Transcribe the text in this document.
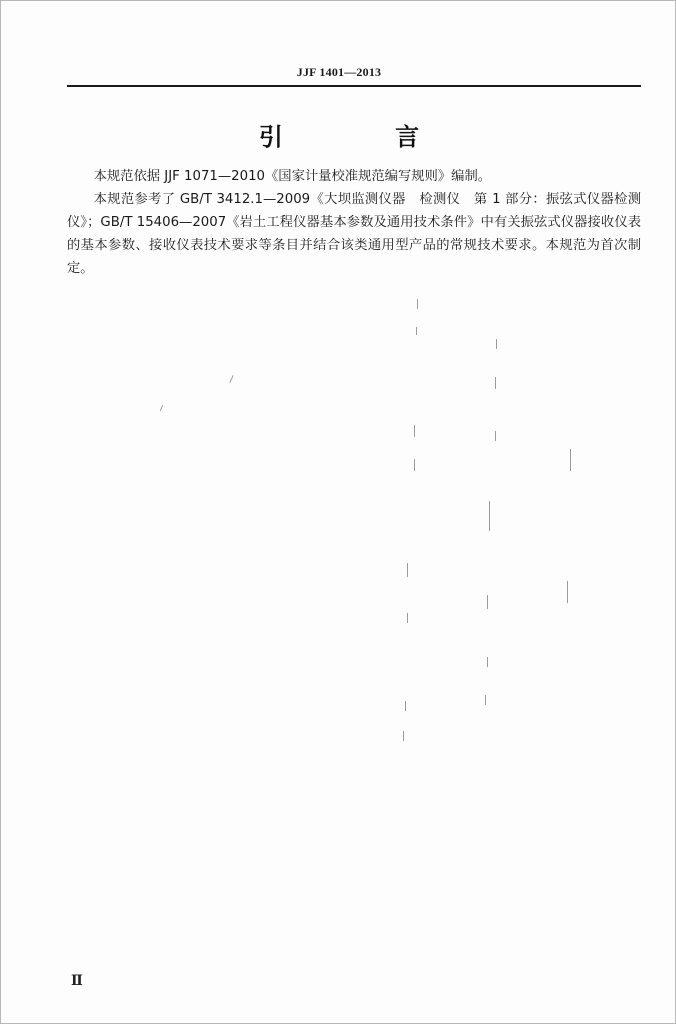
JJF 1401—2013
引 言

本规范依据 JJF 1071—2010《国家计量校准规范编写规则》编制。

本规范参考了 GB/T 3412.1—2009《大坝监测仪器　检测仪　第 1 部分：振弦式仪器检测仪》；GB/T 15406—2007《岩土工程仪器基本参数及通用技术条件》中有关振弦式仪器接收仪表的基本参数、接收仪表技术要求等条目并结合该类通用型产品的常规技术要求。本规范为首次制定。

Ⅱ
